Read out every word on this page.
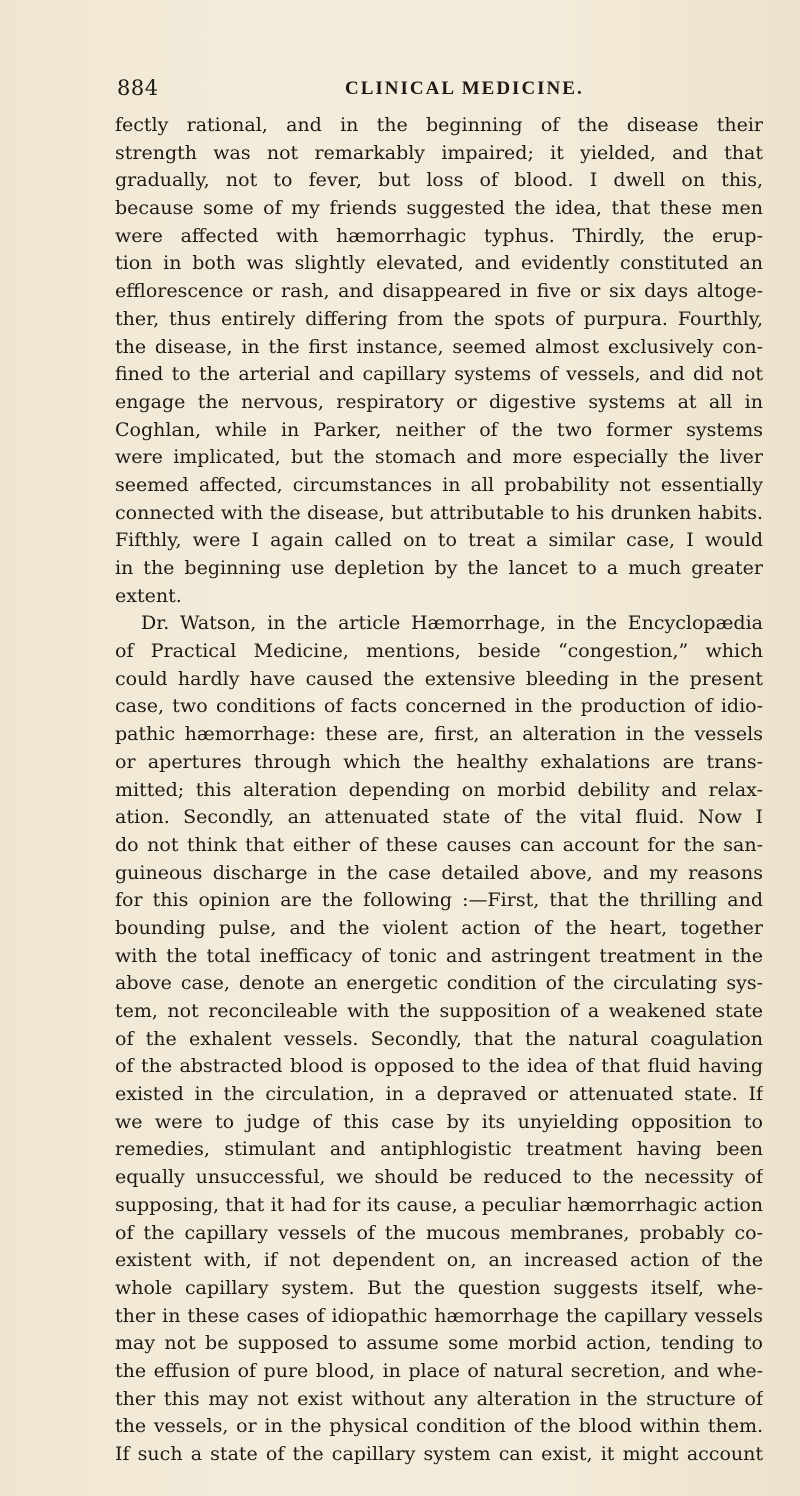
884	CLINICAL MEDICINE.
fectly rational, and in the beginning of the disease their
strength was not remarkably impaired; it yielded, and that
gradually, not to fever, but loss of blood. I dwell on this,
because some of my friends suggested the idea, that these men
were affected with hæmorrhagic typhus. Thirdly, the erup-
tion in both was slightly elevated, and evidently constituted an
efflorescence or rash, and disappeared in five or six days altoge-
ther, thus entirely differing from the spots of purpura. Fourthly,
the disease, in the first instance, seemed almost exclusively con-
fined to the arterial and capillary systems of vessels, and did not
engage the nervous, respiratory or digestive systems at all in
Coghlan, while in Parker, neither of the two former systems
were implicated, but the stomach and more especially the liver
seemed affected, circumstances in all probability not essentially
connected with the disease, but attributable to his drunken habits.
Fifthly, were I again called on to treat a similar case, I would
in the beginning use depletion by the lancet to a much greater
extent.
Dr. Watson, in the article Hæmorrhage, in the Encyclopædia
of Practical Medicine, mentions, beside “congestion,” which
could hardly have caused the extensive bleeding in the present
case, two conditions of facts concerned in the production of idio-
pathic hæmorrhage: these are, first, an alteration in the vessels
or apertures through which the healthy exhalations are trans-
mitted; this alteration depending on morbid debility and relax-
ation. Secondly, an attenuated state of the vital fluid. Now I
do not think that either of these causes can account for the san-
guineous discharge in the case detailed above, and my reasons
for this opinion are the following :—First, that the thrilling and
bounding pulse, and the violent action of the heart, together
with the total inefficacy of tonic and astringent treatment in the
above case, denote an energetic condition of the circulating sys-
tem, not reconcileable with the supposition of a weakened state
of the exhalent vessels. Secondly, that the natural coagulation
of the abstracted blood is opposed to the idea of that fluid having
existed in the circulation, in a depraved or attenuated state. If
we were to judge of this case by its unyielding opposition to
remedies, stimulant and antiphlogistic treatment having been
equally unsuccessful, we should be reduced to the necessity of
supposing, that it had for its cause, a peculiar hæmorrhagic action
of the capillary vessels of the mucous membranes, probably co-
existent with, if not dependent on, an increased action of the
whole capillary system. But the question suggests itself, whe-
ther in these cases of idiopathic hæmorrhage the capillary vessels
may not be supposed to assume some morbid action, tending to
the effusion of pure blood, in place of natural secretion, and whe-
ther this may not exist without any alteration in the structure of
the vessels, or in the physical condition of the blood within them.
If such a state of the capillary system can exist, it might account
